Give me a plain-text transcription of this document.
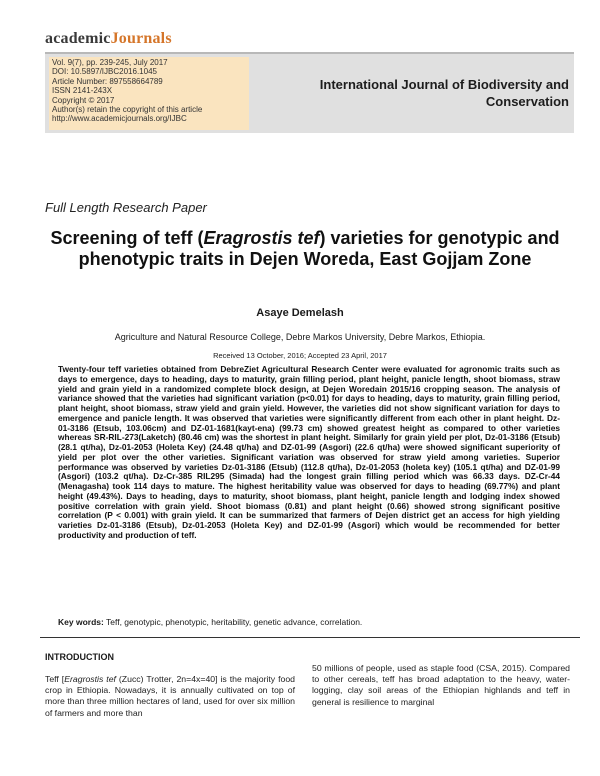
academicJournals
Vol. 9(7), pp. 239-245, July 2017
DOI: 10.5897/IJBC2016.1045
Article Number: 897558664789
ISSN 2141-243X
Copyright © 2017
Author(s) retain the copyright of this article
http://www.academicjournals.org/IJBC
International Journal of Biodiversity and
Conservation
Full Length Research Paper
Screening of teff (Eragrostis tef) varieties for genotypic and phenotypic traits in Dejen Woreda, East Gojjam Zone
Asaye Demelash
Agriculture and Natural Resource College, Debre Markos University, Debre Markos, Ethiopia.
Received 13 October, 2016; Accepted 23 April, 2017
Twenty-four teff varieties obtained from DebreZiet Agricultural Research Center were evaluated for agronomic traits such as days to emergence, days to heading, days to maturity, grain filling period, plant height, panicle length, shoot biomass, straw yield and grain yield in a randomized complete block design, at Dejen Woredain 2015/16 cropping season. The analysis of variance showed that the varieties had significant variation (p<0.01) for days to heading, days to maturity, grain filling period, plant height, shoot biomass, straw yield and grain yield. However, the varieties did not show significant variation for days to emergence and panicle length. It was observed that varieties were significantly different from each other in plant height. Dz-01-3186 (Etsub, 103.06cm) and DZ-01-1681(kayt-ena) (99.73 cm) showed greatest height as compared to other varieties whereas SR-RIL-273(Laketch) (80.46 cm) was the shortest in plant height. Similarly for grain yield per plot, Dz-01-3186 (Etsub) (28.1 qt/ha), Dz-01-2053 (Holeta Key) (24.48 qt/ha) and DZ-01-99 (Asgori) (22.6 qt/ha) were showed significant superiority of yield per plot over the other varieties. Significant variation was observed for straw yield among varieties. Superior performance was observed by varieties Dz-01-3186 (Etsub) (112.8 qt/ha), Dz-01-2053 (holeta key) (105.1 qt/ha) and DZ-01-99 (Asgori) (103.2 qt/ha). Dz-Cr-385 RIL295 (Simada) had the longest grain filling period which was 66.33 days. DZ-Cr-44 (Menagasha) took 114 days to mature. The highest heritability value was observed for days to heading (69.77%) and plant height (49.43%). Days to heading, days to maturity, shoot biomass, plant height, panicle length and lodging index showed positive correlation with grain yield. Shoot biomass (0.81) and plant height (0.66) showed strong significant positive correlation (P < 0.001) with grain yield. It can be summarized that farmers of Dejen district get an access for high yielding varieties Dz-01-3186 (Etsub), Dz-01-2053 (Holeta Key) and DZ-01-99 (Asgori) which would be recommended for better productivity and production of teff.
Key words: Teff, genotypic, phenotypic, heritability, genetic advance, correlation.
INTRODUCTION
Teff [Eragrostis tef (Zucc) Trotter, 2n=4x=40] is the majority food crop in Ethiopia. Nowadays, it is annually cultivated on top of more than three million hectares of land, used for over six million of farmers and more than
50 millions of people, used as staple food (CSA, 2015). Compared to other cereals, teff has broad adaptation to the heavy, water-logging, clay soil areas of the Ethiopian highlands and teff in general is resilience to marginal
